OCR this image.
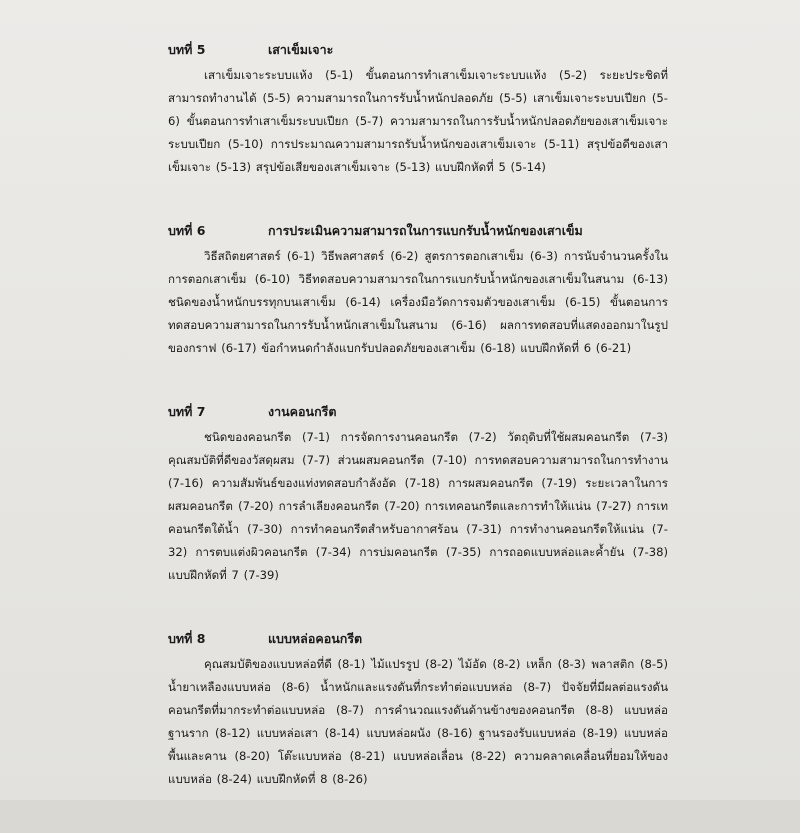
บทที่ 5	เสาเข็มเจาะ
เสาเข็มเจาะระบบแห้ง (5-1) ขั้นตอนการทำเสาเข็มเจาะระบบแห้ง (5-2) ระยะประชิดที่สามารถทำงานได้ (5-5) ความสามารถในการรับน้ำหนักปลอดภัย (5-5) เสาเข็มเจาะระบบเปียก (5-6) ขั้นตอนการทำเสาเข็มระบบเปียก (5-7) ความสามารถในการรับน้ำหนักปลอดภัยของเสาเข็มเจาะระบบเปียก (5-10) การประมาณความสามารถรับน้ำหนักของเสาเข็มเจาะ (5-11) สรุปข้อดีของเสาเข็มเจาะ (5-13) สรุปข้อเสียของเสาเข็มเจาะ (5-13) แบบฝึกหัดที่ 5 (5-14)
บทที่ 6	การประเมินความสามารถในการแบกรับน้ำหนักของเสาเข็ม
วิธีสถิตยศาสตร์ (6-1) วิธีพลศาสตร์ (6-2) สูตรการตอกเสาเข็ม (6-3) การนับจำนวนครั้งในการตอกเสาเข็ม (6-10) วิธีทดสอบความสามารถในการแบกรับน้ำหนักของเสาเข็มในสนาม (6-13) ชนิดของน้ำหนักบรรทุกบนเสาเข็ม (6-14) เครื่องมือวัดการจมตัวของเสาเข็ม (6-15) ขั้นตอนการทดสอบความสามารถในการรับน้ำหนักเสาเข็มในสนาม (6-16) ผลการทดสอบที่แสดงออกมาในรูปของกราฟ (6-17) ข้อกำหนดกำลังแบกรับปลอดภัยของเสาเข็ม (6-18) แบบฝึกหัดที่ 6 (6-21)
บทที่ 7	งานคอนกรีต
ชนิดของคอนกรีต (7-1) การจัดการงานคอนกรีต (7-2) วัตถุดิบที่ใช้ผสมคอนกรีต (7-3) คุณสมบัติที่ดีของวัสดุผสม (7-7) ส่วนผสมคอนกรีต (7-10) การทดสอบความสามารถในการทำงาน (7-16) ความสัมพันธ์ของแท่งทดสอบกำลังอัด (7-18) การผสมคอนกรีต (7-19) ระยะเวลาในการผสมคอนกรีต (7-20) การลำเลียงคอนกรีต (7-20) การเทคอนกรีตและการทำให้แน่น (7-27) การเทคอนกรีตใต้น้ำ (7-30) การทำคอนกรีตสำหรับอากาศร้อน (7-31) การทำงานคอนกรีตให้แน่น (7-32) การตบแต่งผิวคอนกรีต (7-34) การบ่มคอนกรีต (7-35) การถอดแบบหล่อและค้ำยัน (7-38) แบบฝึกหัดที่ 7 (7-39)
บทที่ 8	แบบหล่อคอนกรีต
คุณสมบัติของแบบหล่อที่ดี (8-1) ไม้แปรรูป (8-2) ไม้อัด (8-2) เหล็ก (8-3) พลาสติก (8-5) น้ำยาเหลืองแบบหล่อ (8-6) น้ำหนักและแรงดันที่กระทำต่อแบบหล่อ (8-7) ปัจจัยที่มีผลต่อแรงดันคอนกรีตที่มากระทำต่อแบบหล่อ (8-7) การคำนวณแรงดันด้านข้างของคอนกรีต (8-8) แบบหล่อฐานราก (8-12) แบบหล่อเสา (8-14) แบบหล่อผนัง (8-16) ฐานรองรับแบบหล่อ (8-19) แบบหล่อพื้นและคาน (8-20) โต๊ะแบบหล่อ (8-21) แบบหล่อเลื่อน (8-22) ความคลาดเคลื่อนที่ยอมให้ของแบบหล่อ (8-24) แบบฝึกหัดที่ 8 (8-26)
